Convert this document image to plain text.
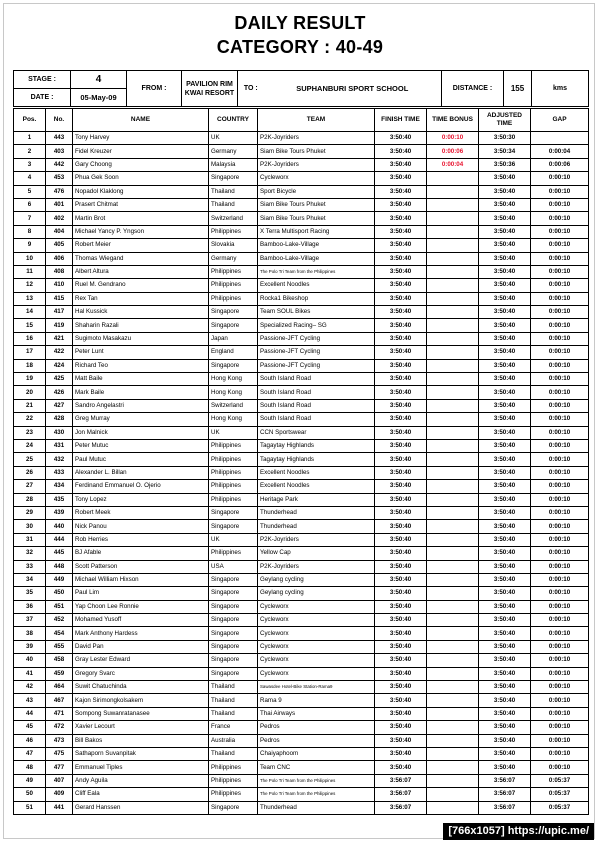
DAILY RESULT
CATEGORY : 40-49
STAGE :	4	FROM :	PAVILION RIM
KWAI RESORT	TO :	SUPHANBURI SPORT SCHOOL	DISTANCE :	155	kms
DATE :	05-May-09							
Pos.	No.	NAME	COUNTRY	TEAM	FINISH TIME	TIME BONUS	ADJUSTED TIME	GAP
1	443	Tony Harvey	UK	P2K-Joyriders	3:50:40	0:00:10	3:50:30	
2	403	Fidel Kreuzer	Germany	Siam Bike Tours Phuket	3:50:40	0:00:06	3:50:34	0:00:04
3	442	Gary Choong	Malaysia	P2K-Joyriders	3:50:40	0:00:04	3:50:36	0:00:06
4	453	Phua Gek Soon	Singapore	Cycleworx	3:50:40		3:50:40	0:00:10
5	476	Nopadol Klaklong	Thailand	Sport Bicycle	3:50:40		3:50:40	0:00:10
6	401	Prasert Chitmat	Thailand	Siam Bike Tours Phuket	3:50:40		3:50:40	0:00:10
7	402	Martin Brot	Switzerland	Siam Bike Tours Phuket	3:50:40		3:50:40	0:00:10
8	404	Michael Yancy P. Yngson	Philippines	X Terra Multisport Racing	3:50:40		3:50:40	0:00:10
9	405	Robert Meier	Slovakia	Bamboo-Lake-Village	3:50:40		3:50:40	0:00:10
10	406	Thomas Wiegand	Germany	Bamboo-Lake-Village	3:50:40		3:50:40	0:00:10
11	408	Albert Altura	Philippines	The Polo Tri Team from the Philippines	3:50:40		3:50:40	0:00:10
12	410	Ruel M. Gendrano	Philippines	Excellent Noodles	3:50:40		3:50:40	0:00:10
13	415	Rex Tan	Philippines	Rocka1 Bikeshop	3:50:40		3:50:40	0:00:10
14	417	Hal Kussick	Singapore	Team SOUL Bikes	3:50:40		3:50:40	0:00:10
15	419	Shaharin Razali	Singapore	Specialized Racing– SG	3:50:40		3:50:40	0:00:10
16	421	Sugimoto Masakazu	Japan	Passione-JFT Cycling	3:50:40		3:50:40	0:00:10
17	422	Peter Lunt	England	Passione-JFT Cycling	3:50:40		3:50:40	0:00:10
18	424	Richard Teo	Singapore	Passione-JFT Cycling	3:50:40		3:50:40	0:00:10
19	425	Matt Baile	Hong Kong	South Island Road	3:50:40		3:50:40	0:00:10
20	426	Mark Baile	Hong Kong	South Island Road	3:50:40		3:50:40	0:00:10
21	427	Sandro Angelastri	Switzerland	South Island Road	3:50:40		3:50:40	0:00:10
22	428	Greg Murray	Hong Kong	South Island Road	3:50:40		3:50:40	0:00:10
23	430	Jon Malnick	UK	CCN Sportswear	3:50:40		3:50:40	0:00:10
24	431	Peter Mutuc	Philippines	Tagaytay Highlands	3:50:40		3:50:40	0:00:10
25	432	Paul Mutuc	Philippines	Tagaytay Highlands	3:50:40		3:50:40	0:00:10
26	433	Alexander L. Billan	Philippines	Excellent Noodles	3:50:40		3:50:40	0:00:10
27	434	Ferdinand Emmanuel O. Ojerio	Philippines	Excellent Noodles	3:50:40		3:50:40	0:00:10
28	435	Tony Lopez	Philippines	Heritage Park	3:50:40		3:50:40	0:00:10
29	439	Robert Meek	Singapore	Thunderhead	3:50:40		3:50:40	0:00:10
30	440	Nick Panou	Singapore	Thunderhead	3:50:40		3:50:40	0:00:10
31	444	Rob Herries	UK	P2K-Joyriders	3:50:40		3:50:40	0:00:10
32	445	BJ Afable	Philippines	Yellow Cap	3:50:40		3:50:40	0:00:10
33	448	Scott Patterson	USA	P2K-Joyriders	3:50:40		3:50:40	0:00:10
34	449	Michael William Hixson	Singapore	Geylang cycling	3:50:40		3:50:40	0:00:10
35	450	Paul Lim	Singapore	Geylang cycling	3:50:40		3:50:40	0:00:10
36	451	Yap Choon Lee Ronnie	Singapore	Cycleworx	3:50:40		3:50:40	0:00:10
37	452	Mohamed Yusoff	Singapore	Cycleworx	3:50:40		3:50:40	0:00:10
38	454	Mark Anthony Hardess	Singapore	Cycleworx	3:50:40		3:50:40	0:00:10
39	455	David Pan	Singapore	Cycleworx	3:50:40		3:50:40	0:00:10
40	458	Gray Lester Edward	Singapore	Cycleworx	3:50:40		3:50:40	0:00:10
41	459	Gregory Svarc	Singapore	Cycleworx	3:50:40		3:50:40	0:00:10
42	464	Suwit Chatuchinda	Thailand	Sawasdee Hotel-Bike Station-Rama9	3:50:40		3:50:40	0:00:10
43	467	Kajon Sirimongkolsakem	Thailand	Rama 9	3:50:40		3:50:40	0:00:10
44	471	Sompong Suwanratanasee	Thailand	Thai Airways	3:50:40		3:50:40	0:00:10
45	472	Xavier Lecourt	France	Pedros	3:50:40		3:50:40	0:00:10
46	473	Bill Bakos	Australia	Pedros	3:50:40		3:50:40	0:00:10
47	475	Sathaporn Suvanpitak	Thailand	Chaiyaphoom	3:50:40		3:50:40	0:00:10
48	477	Emmanuel Tiples	Philippines	Team CNC	3:50:40		3:50:40	0:00:10
49	407	Andy Aguila	Philippines	The Polo Tri Team from the Philippines	3:56:07		3:56:07	0:05:37
50	409	Cliff Eala	Philippines	The Polo Tri Team from the Philippines	3:56:07		3:56:07	0:05:37
51	441	Gerard Hanssen	Singapore	Thunderhead	3:56:07		3:56:07	0:05:37
[766x1057] https://upic.me/
